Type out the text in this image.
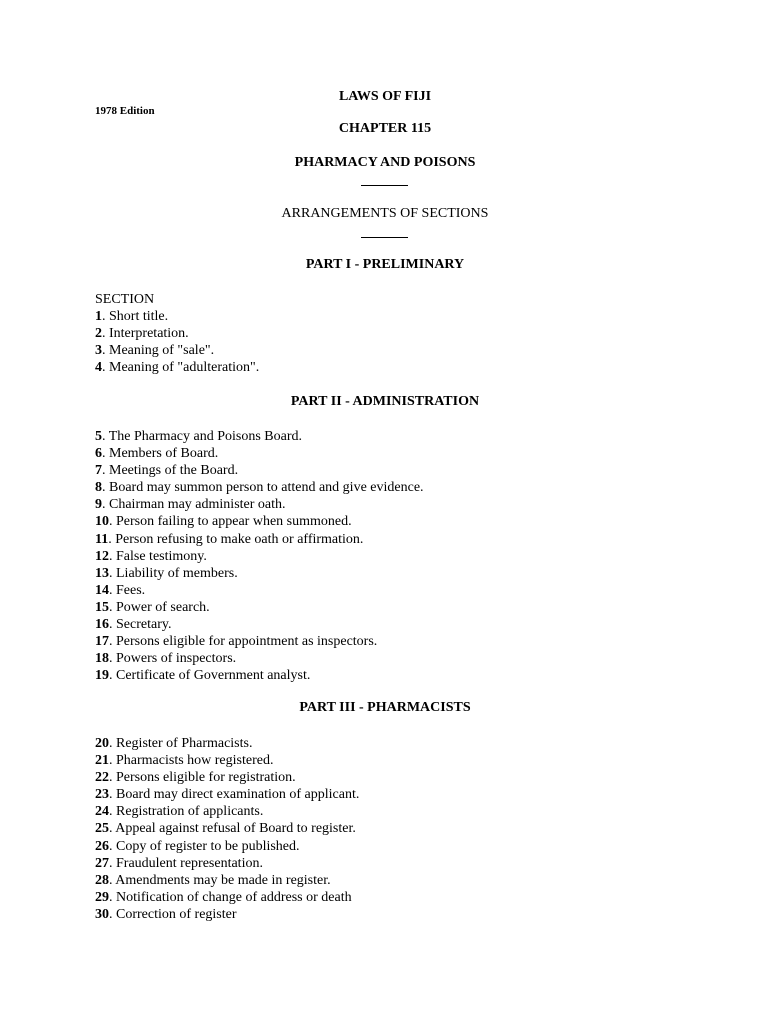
LAWS OF FIJI
1978 Edition
CHAPTER 115
PHARMACY AND POISONS
ARRANGEMENTS OF SECTIONS
PART I - PRELIMINARY
SECTION
1. Short title.
2. Interpretation.
3. Meaning of "sale".
4. Meaning of "adulteration".
PART II - ADMINISTRATION
5. The Pharmacy and Poisons Board.
6. Members of Board.
7. Meetings of the Board.
8. Board may summon person to attend and give evidence.
9. Chairman may administer oath.
10. Person failing to appear when summoned.
11. Person refusing to make oath or affirmation.
12. False testimony.
13. Liability of members.
14. Fees.
15. Power of search.
16. Secretary.
17. Persons eligible for appointment as inspectors.
18. Powers of inspectors.
19. Certificate of Government analyst.
PART III - PHARMACISTS
20. Register of Pharmacists.
21. Pharmacists how registered.
22. Persons eligible for registration.
23. Board may direct examination of applicant.
24. Registration of applicants.
25. Appeal against refusal of Board to register.
26. Copy of register to be published.
27. Fraudulent representation.
28. Amendments may be made in register.
29. Notification of change of address or death
30. Correction of register
